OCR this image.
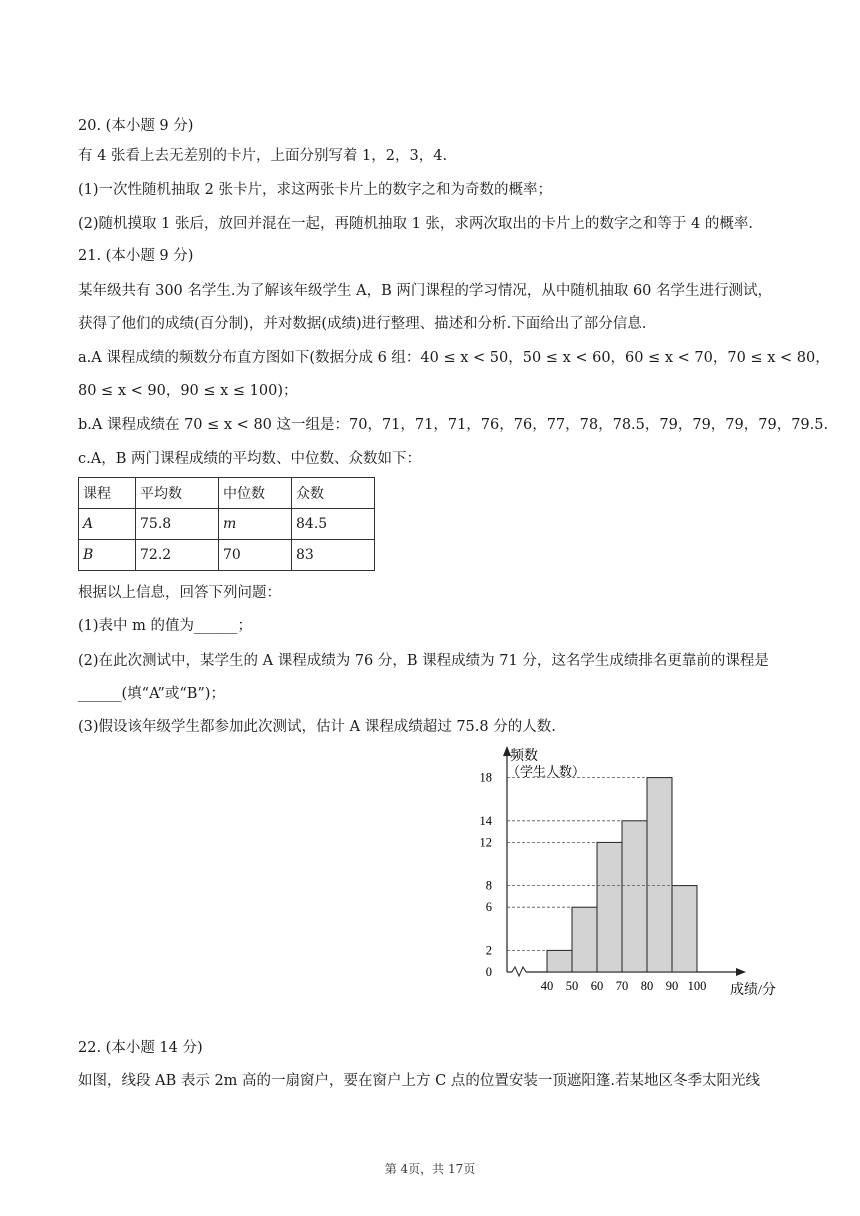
20. (本小题 9 分)
有 4 张看上去无差别的卡片，上面分别写着 1，2，3，4.
(1)一次性随机抽取 2 张卡片，求这两张卡片上的数字之和为奇数的概率；
(2)随机摸取 1 张后，放回并混在一起，再随机抽取 1 张，求两次取出的卡片上的数字之和等于 4 的概率.
21. (本小题 9 分)
某年级共有 300 名学生.为了解该年级学生 A，B 两门课程的学习情况，从中随机抽取 60 名学生进行测试，
获得了他们的成绩(百分制)，并对数据(成绩)进行整理、描述和分析.下面给出了部分信息.
a.A 课程成绩的频数分布直方图如下(数据分成 6 组：40 ≤ x < 50，50 ≤ x < 60，60 ≤ x < 70，70 ≤ x < 80，
80 ≤ x < 90，90 ≤ x ≤ 100)；
b.A 课程成绩在 70 ≤ x < 80 这一组是：70，71，71，71，76，76，77，78，78.5，79，79，79，79，79.5.
c.A，B 两门课程成绩的平均数、中位数、众数如下：
课程	平均数	中位数	众数
A	75.8	m	84.5
B	72.2	70	83
根据以上信息，回答下列问题：
(1)表中 m 的值为______；
(2)在此次测试中，某学生的 A 课程成绩为 76 分，B 课程成绩为 71 分，这名学生成绩排名更靠前的课程是
______(填“A”或“B”)；
(3)假设该年级学生都参加此次测试，估计 A 课程成绩超过 75.8 分的人数.
频数
（学生人数）
0
2
6
8
12
14
18
40 50 60 70 80 90 100 成绩/分
22. (本小题 14 分)
如图，线段 AB 表示 2m 高的一扇窗户，要在窗户上方 C 点的位置安装一顶遮阳篷.若某地区冬季太阳光线
第 4页，共 17页
